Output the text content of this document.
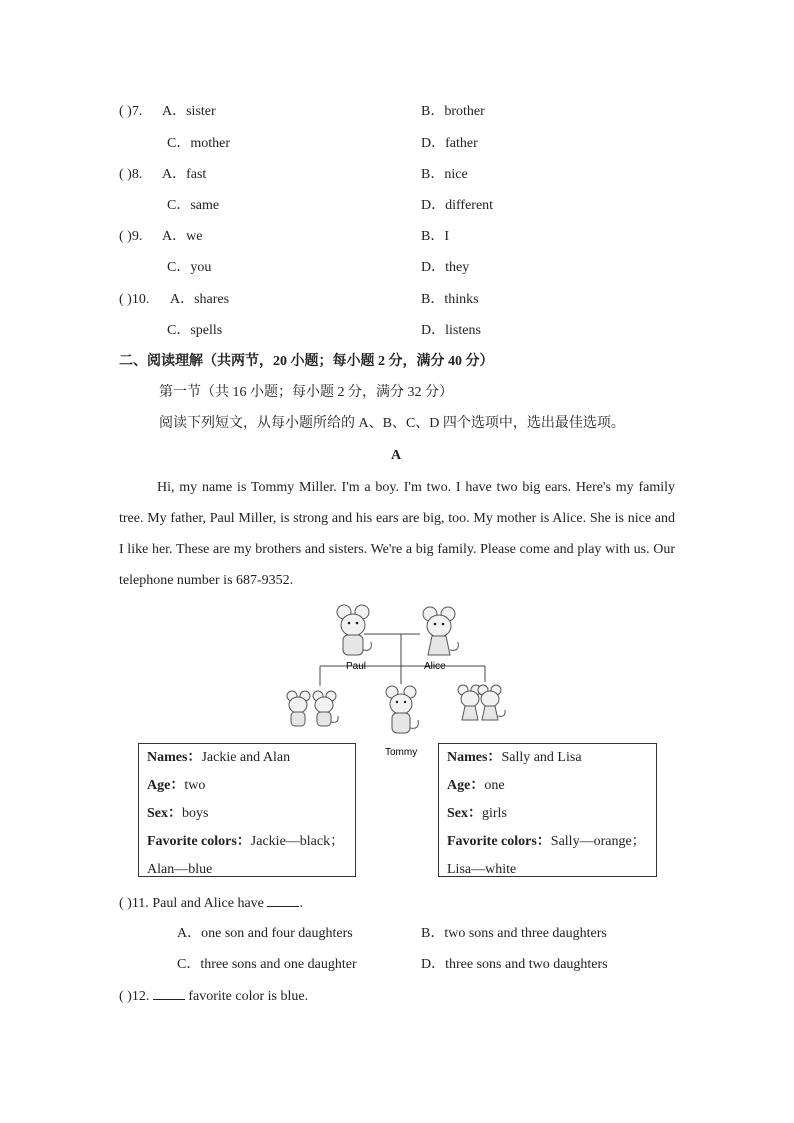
( )7. A．sister	B．brother
C．mother	D．father
( )8. A．fast	B．nice
C．same	D．different
( )9. A．we	B．I
C．you	D．they
( )10. A．shares	B．thinks
C．spells	D．listens
二、阅读理解（共两节，20 小题；每小题 2 分，满分 40 分）
第一节（共 16 小题；每小题 2 分，满分 32 分）
阅读下列短文，从每小题所给的 A、B、C、D 四个选项中，选出最佳选项。
A
Hi, my name is Tommy Miller. I'm a boy. I'm two. I have two big ears. Here's my family tree. My father, Paul Miller, is strong and his ears are big, too. My mother is Alice. She is nice and I like her. These are my brothers and sisters. We're a big family. Please come and play with us. Our telephone number is 687-9352.
Paul	Alice
Tommy
Names：Jackie and Alan
Age：two
Sex：boys
Favorite colors：Jackie—black；
Alan—blue
Names：Sally and Lisa
Age：one
Sex：girls
Favorite colors：Sally—orange；
Lisa—white
( )11. Paul and Alice have	.
A．one son and four daughters	B．two sons and three daughters
C．three sons and one daughter	D．three sons and two daughters
( )12.	favorite color is blue.
